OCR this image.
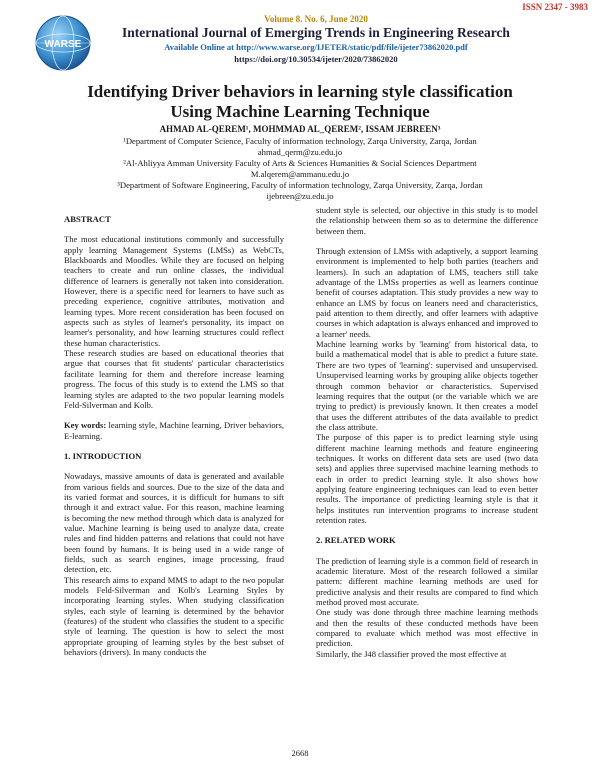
ISSN 2347 - 3983
WARSE
Volume 8. No. 6, June 2020
International Journal of Emerging Trends in Engineering Research
Available Online at http://www.warse.org/IJETER/static/pdf/file/ijeter73862020.pdf
https://doi.org/10.30534/ijeter/2020/73862020
Identifying Driver behaviors in learning style classification
Using Machine Learning Technique
AHMAD AL-QEREM¹, MOHMMAD AL_QEREM², ISSAM JEBREEN³
¹Department of Computer Science, Faculty of information technology, Zarqa University, Zarqa, Jordan
ahmad_qerm@zu.edu.jo
²Al-Ahliyya Amman University Faculty of Arts & Sciences Humanities & Social Sciences Department
M.alqerem@ammanu.edu.jo
³Department of Software Engineering, Faculty of information technology, Zarqa University, Zarqa, Jordan
ijebreen@zu.edu.jo
ABSTRACT

The most educational institutions commonly and successfully apply learning Management Systems (LMSs) as WebCTs, Blackboards and Moodles. While they are focused on helping teachers to create and run online classes, the individual difference of learners is generally not taken into consideration. However, there is a specific need for learners to have such as preceding experience, cognitive attributes, motivation and learning types. More recent consideration has been focused on aspects such as styles of learner's personality, its impact on learner's personality, and how learning structures could reflect these human characteristics.

These research studies are based on educational theories that argue that courses that fit students' particular characteristics facilitate learning for them and therefore increase learning progress. The focus of this study is to extend the LMS so that learning styles are adapted to the two popular learning models Feld-Silverman and Kolb.

Key words: learning style, Machine learning, Driver behaviors, E-learning.

1. INTRODUCTION

Nowadays, massive amounts of data is generated and available from various fields and sources. Due to the size of the data and its varied format and sources, it is difficult for humans to sift through it and extract value. For this reason, machine learning is becoming the new method through which data is analyzed for value. Machine learning is being used to analyze data, create rules and find hidden patterns and relations that could not have been found by humans. It is being used in a wide range of fields, such as search engines, image processing, fraud detection, etc.

This research aims to expand MMS to adapt to the two popular models Feld-Silverman and Kolb's Learning Styles by incorporating learning styles. When studying classification styles, each style of learning is determined by the behavior (features) of the student who classifies the student to a specific style of learning. The question is how to select the most appropriate grouping of learning styles by the best subset of behaviors (drivers). In many conducts the

student style is selected, our objective in this study is to model the relationship between them so as to determine the difference between them.

Through extension of LMSs with adaptively, a support learning environment is implemented to help both parties (teachers and learners). In such an adaptation of LMS, teachers still take advantage of the LMSs properties as well as learners continue benefit of courses adaptation. This study provides a new way to enhance an LMS by focus on leaners need and characteristics, paid attention to them directly, and offer learners with adaptive courses in which adaptation is always enhanced and improved to a learner' needs.

Machine learning works by 'learning' from historical data, to build a mathematical model that is able to predict a future state. There are two types of 'learning': supervised and unsupervised. Unsupervised learning works by grouping alike objects together through common behavior or characteristics. Supervised learning requires that the output (or the variable which we are trying to predict) is previously known. It then creates a model that uses the different attributes of the data available to predict the class attribute.

The purpose of this paper is to predict learning style using different machine learning methods and feature engineering techniques. It works on different data sets are used (two data sets) and applies three supervised machine learning methods to each in order to predict learning style. It also shows how applying feature engineering techniques can lead to even better results. The importance of predicting learning style is that it helps institutes run intervention programs to increase student retention rates.

2. RELATED WORK

The prediction of learning style is a common field of research in academic literature. Most of the research followed a similar pattern: different machine learning methods are used for predictive analysis and their results are compared to find which method proved most accurate.

One study was done through three machine learning methods and then the results of these conducted methods have been compared to evaluate which method was most effective in prediction.

Similarly, the J48 classifier proved the most effective at

2668
